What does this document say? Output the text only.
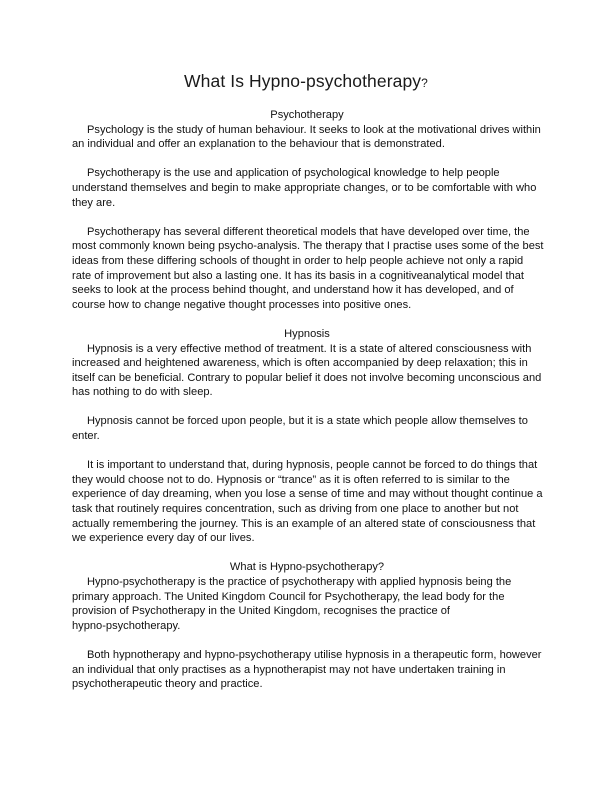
What Is Hypno-psychotherapy?
Psychotherapy

Psychology is the study of human behaviour. It seeks to look at the motivational drives within
an individual and offer an explanation to the behaviour that is demonstrated.

Psychotherapy is the use and application of psychological knowledge to help people
understand themselves and begin to make appropriate changes, or to be comfortable with who
they are.

Psychotherapy has several different theoretical models that have developed over time, the
most commonly known being psycho-analysis. The therapy that I practise uses some of the best
ideas from these differing schools of thought in order to help people achieve not only a rapid
rate of improvement but also a lasting one. It has its basis in a cognitiveanalytical model that
seeks to look at the process behind thought, and understand how it has developed, and of
course how to change negative thought processes into positive ones.

Hypnosis

Hypnosis is a very effective method of treatment. It is a state of altered consciousness with
increased and heightened awareness, which is often accompanied by deep relaxation; this in
itself can be beneficial. Contrary to popular belief it does not involve becoming unconscious and
has nothing to do with sleep.

Hypnosis cannot be forced upon people, but it is a state which people allow themselves to
enter.

It is important to understand that, during hypnosis, people cannot be forced to do things that
they would choose not to do. Hypnosis or “trance” as it is often referred to is similar to the
experience of day dreaming, when you lose a sense of time and may without thought continue a
task that routinely requires concentration, such as driving from one place to another but not
actually remembering the journey. This is an example of an altered state of consciousness that
we experience every day of our lives.

What is Hypno-psychotherapy?

Hypno-psychotherapy is the practice of psychotherapy with applied hypnosis being the
primary approach. The United Kingdom Council for Psychotherapy, the lead body for the
provision of Psychotherapy in the United Kingdom, recognises the practice of
hypno-psychotherapy.

Both hypnotherapy and hypno-psychotherapy utilise hypnosis in a therapeutic form, however
an individual that only practises as a hypnotherapist may not have undertaken training in
psychotherapeutic theory and practice.
